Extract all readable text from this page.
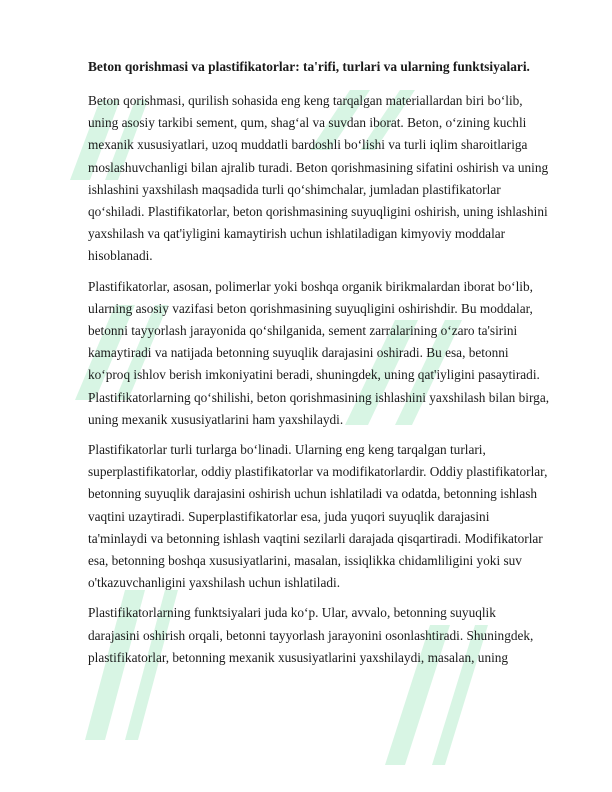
Beton qorishmasi va plastifikatorlar: ta'rifi, turlari va ularning funktsiyalari.

Beton qorishmasi, qurilish sohasida eng keng tarqalgan materiallardan biri bo‘lib, uning asosiy tarkibi sement, qum, shag‘al va suvdan iborat. Beton, o‘zining kuchli mexanik xususiyatlari, uzoq muddatli bardoshli bo‘lishi va turli iqlim sharoitlariga moslashuvchanligi bilan ajralib turadi. Beton qorishmasining sifatini oshirish va uning ishlashini yaxshilash maqsadida turli qo‘shimchalar, jumladan plastifikatorlar qo‘shiladi. Plastifikatorlar, beton qorishmasining suyuqligini oshirish, uning ishlashini yaxshilash va qat'iyligini kamaytirish uchun ishlatiladigan kimyoviy moddalar hisoblanadi.

Plastifikatorlar, asosan, polimerlar yoki boshqa organik birikmalardan iborat bo‘lib, ularning asosiy vazifasi beton qorishmasining suyuqligini oshirishdir. Bu moddalar, betonni tayyorlash jarayonida qo‘shilganida, sement zarralarining o‘zaro ta'sirini kamaytiradi va natijada betonning suyuqlik darajasini oshiradi. Bu esa, betonni ko‘proq ishlov berish imkoniyatini beradi, shuningdek, uning qat'iyligini pasaytiradi. Plastifikatorlarning qo‘shilishi, beton qorishmasining ishlashini yaxshilash bilan birga, uning mexanik xususiyatlarini ham yaxshilaydi.

Plastifikatorlar turli turlarga bo‘linadi. Ularning eng keng tarqalgan turlari, superplastifikatorlar, oddiy plastifikatorlar va modifikatorlardir. Oddiy plastifikatorlar, betonning suyuqlik darajasini oshirish uchun ishlatiladi va odatda, betonning ishlash vaqtini uzaytiradi. Superplastifikatorlar esa, juda yuqori suyuqlik darajasini ta'minlaydi va betonning ishlash vaqtini sezilarli darajada qisqartiradi. Modifikatorlar esa, betonning boshqa xususiyatlarini, masalan, issiqlikka chidamliligini yoki suv o'tkazuvchanligini yaxshilash uchun ishlatiladi.

Plastifikatorlarning funktsiyalari juda ko‘p. Ular, avvalo, betonning suyuqlik darajasini oshirish orqali, betonni tayyorlash jarayonini osonlashtiradi. Shuningdek, plastifikatorlar, betonning mexanik xususiyatlarini yaxshilaydi, masalan, uning
